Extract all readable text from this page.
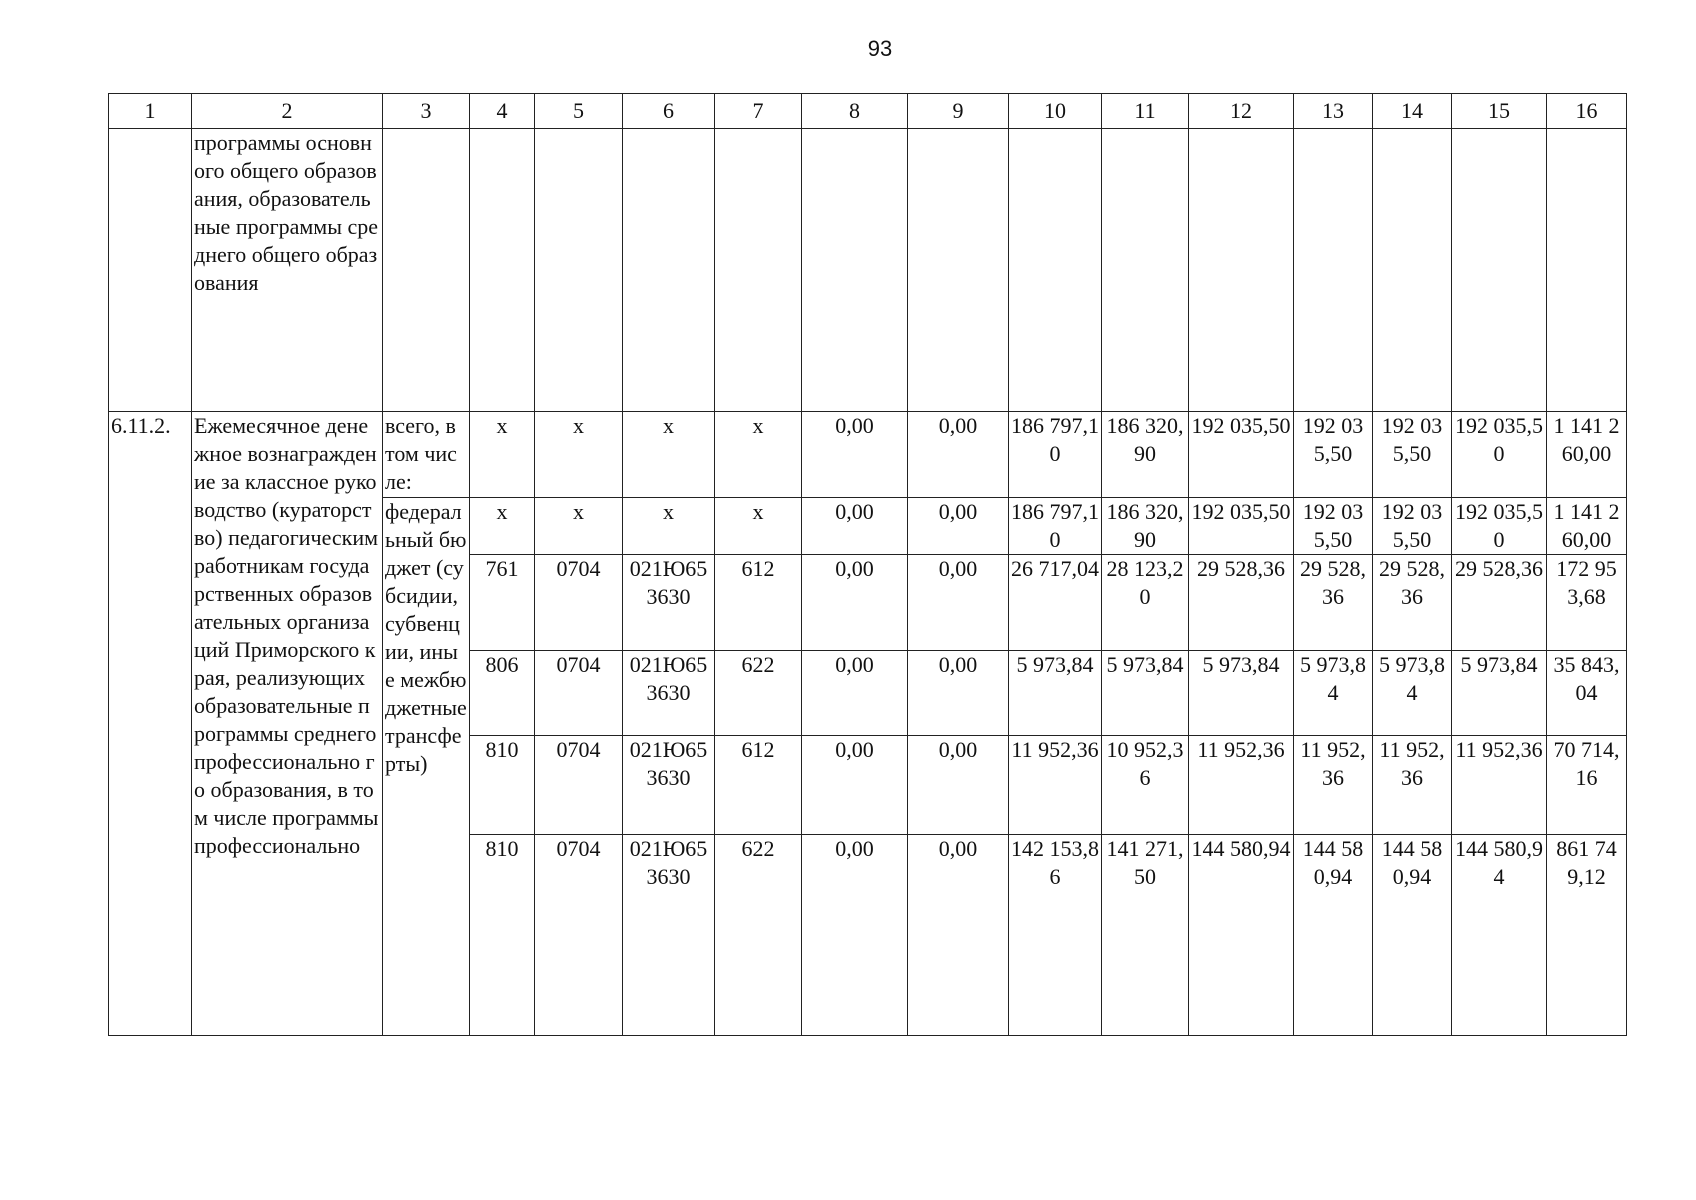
93
1	2	3	4	5	6	7	8	9	10	11	12	13	14	15	16
	программы основного общего образования, образовательные программы среднего общего образования														
6.11.2.	Ежемесячное денежное вознаграждение за классное руководство (кураторство) педагогическим работникам государственных образовательных организаций Приморского края, реализующих образовательные программы среднего профессионально го образования, в том числе программы профессионально	всего, в том числе:	х	х	х	х	0,00	0,00	186 797,10	186 320,90	192 035,50	192 035,50	192 035,50	192 035,50	1 141 260,00
		федеральный бюджет (субсидии, субвенции, иные межбюджетные трансферты)	х	х	х	х	0,00	0,00	186 797,10	186 320,90	192 035,50	192 035,50	192 035,50	192 035,50	1 141 260,00
			761	0704	021Ю653630	612	0,00	0,00	26 717,04	28 123,20	29 528,36	29 528,36	29 528,36	29 528,36	172 953,68
			806	0704	021Ю653630	622	0,00	0,00	5 973,84	5 973,84	5 973,84	5 973,84	5 973,84	5 973,84	35 843,04
			810	0704	021Ю653630	612	0,00	0,00	11 952,36	10 952,36	11 952,36	11 952,36	11 952,36	11 952,36	70 714,16
			810	0704	021Ю653630	622	0,00	0,00	142 153,86	141 271,50	144 580,94	144 580,94	144 580,94	144 580,94	861 749,12
